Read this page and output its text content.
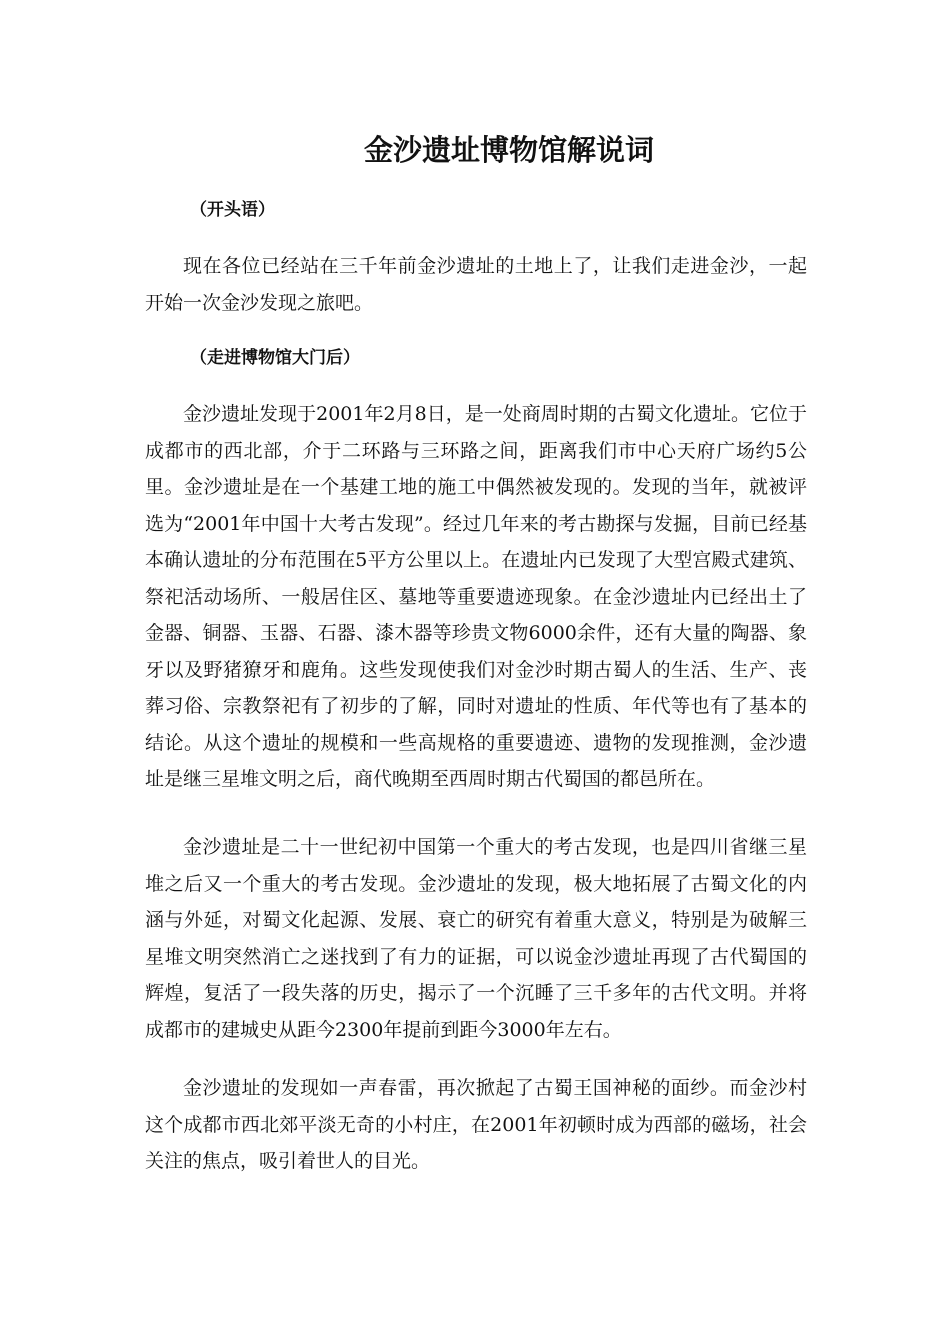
金沙遗址博物馆解说词
（开头语）

现在各位已经站在三千年前金沙遗址的土地上了，让我们走进金沙，一起开始一次金沙发现之旅吧。

（走进博物馆大门后）

金沙遗址发现于2001年2月8日，是一处商周时期的古蜀文化遗址。它位于成都市的西北部，介于二环路与三环路之间，距离我们市中心天府广场约5公里。金沙遗址是在一个基建工地的施工中偶然被发现的。发现的当年，就被评选为“2001年中国十大考古发现”。经过几年来的考古勘探与发掘，目前已经基本确认遗址的分布范围在5平方公里以上。在遗址内已发现了大型宫殿式建筑、祭祀活动场所、一般居住区、墓地等重要遗迹现象。在金沙遗址内已经出土了金器、铜器、玉器、石器、漆木器等珍贵文物6000余件，还有大量的陶器、象牙以及野猪獠牙和鹿角。这些发现使我们对金沙时期古蜀人的生活、生产、丧葬习俗、宗教祭祀有了初步的了解，同时对遗址的性质、年代等也有了基本的结论。从这个遗址的规模和一些高规格的重要遗迹、遗物的发现推测，金沙遗址是继三星堆文明之后，商代晚期至西周时期古代蜀国的都邑所在。

金沙遗址是二十一世纪初中国第一个重大的考古发现，也是四川省继三星堆之后又一个重大的考古发现。金沙遗址的发现，极大地拓展了古蜀文化的内涵与外延，对蜀文化起源、发展、衰亡的研究有着重大意义，特别是为破解三星堆文明突然消亡之迷找到了有力的证据，可以说金沙遗址再现了古代蜀国的辉煌，复活了一段失落的历史，揭示了一个沉睡了三千多年的古代文明。并将成都市的建城史从距今2300年提前到距今3000年左右。

金沙遗址的发现如一声春雷，再次掀起了古蜀王国神秘的面纱。而金沙村这个成都市西北郊平淡无奇的小村庄，在2001年初顿时成为西部的磁场，社会关注的焦点，吸引着世人的目光。
